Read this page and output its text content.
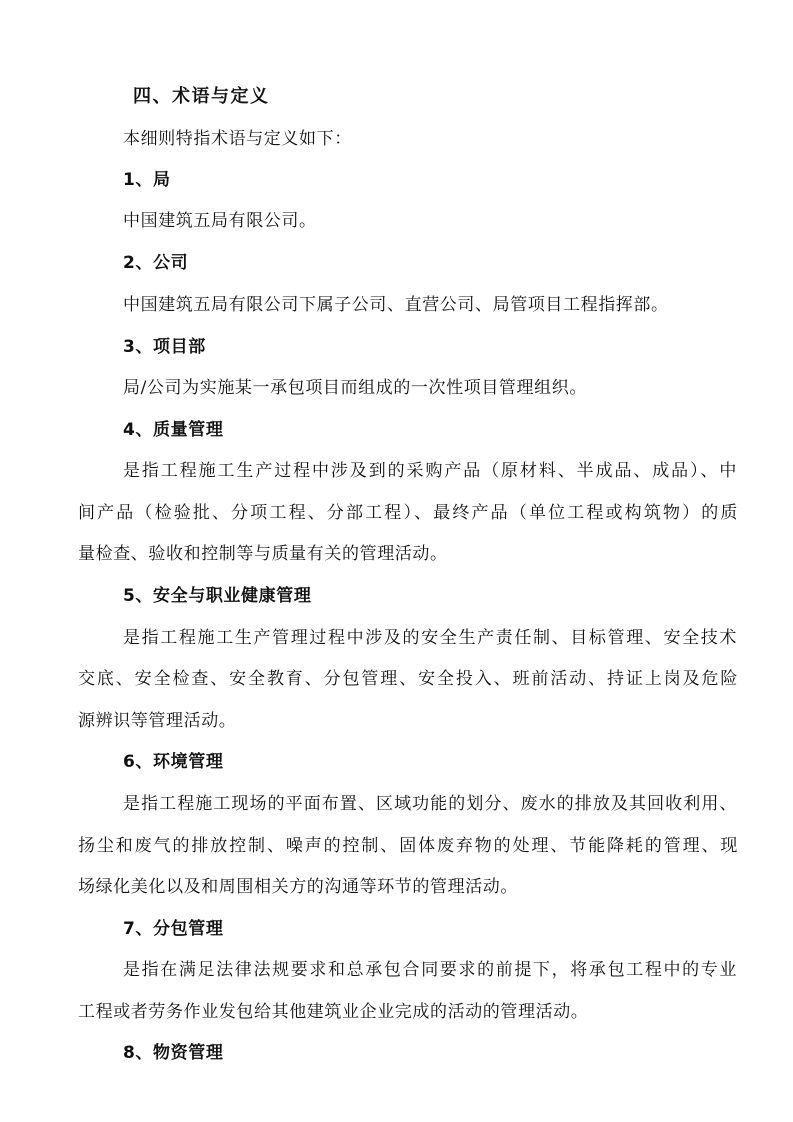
四、术语与定义
本细则特指术语与定义如下：
1、局
中国建筑五局有限公司。
2、公司
中国建筑五局有限公司下属子公司、直营公司、局管项目工程指挥部。
3、项目部
局/公司为实施某一承包项目而组成的一次性项目管理组织。
4、质量管理
是指工程施工生产过程中涉及到的采购产品（原材料、半成品、成品）、中
间产品（检验批、分项工程、分部工程）、最终产品（单位工程或构筑物）的质
量检查、验收和控制等与质量有关的管理活动。
5、安全与职业健康管理
是指工程施工生产管理过程中涉及的安全生产责任制、目标管理、安全技术
交底、安全检查、安全教育、分包管理、安全投入、班前活动、持证上岗及危险
源辨识等管理活动。
6、环境管理
是指工程施工现场的平面布置、区域功能的划分、废水的排放及其回收利用、
扬尘和废气的排放控制、噪声的控制、固体废弃物的处理、节能降耗的管理、现
场绿化美化以及和周围相关方的沟通等环节的管理活动。
7、分包管理
是指在满足法律法规要求和总承包合同要求的前提下，将承包工程中的专业
工程或者劳务作业发包给其他建筑业企业完成的活动的管理活动。
8、物资管理
